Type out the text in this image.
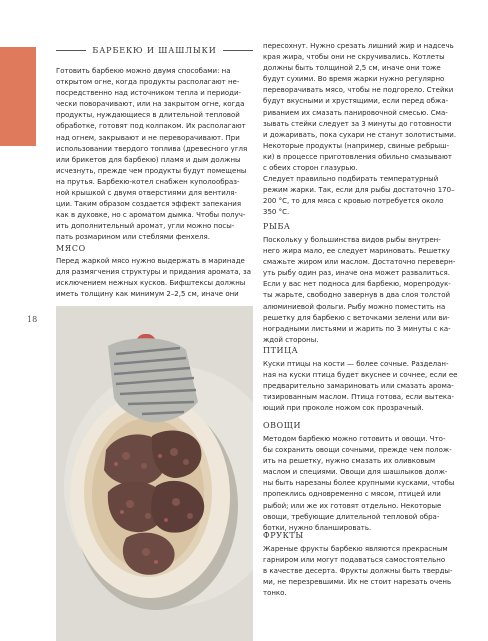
18
БАРБЕКЮ И ШАШЛЫКИ
Готовить барбекю можно двумя способами: на
открытом огне, когда продукты располагают не-
посредственно над источником тепла и периоди-
чески поворачивают, или на закрытом огне, когда
продукты, нуждающиеся в длительной тепловой
обработке, готовят под колпаком. Их располагают
над огнем, закрывают и не переворачивают. При
использовании твердого топлива (древесного угля
или брикетов для барбекю) пламя и дым должны
исчезнуть, прежде чем продукты будут помещены
на прутья. Барбекю-котел снабжен куполообраз-
ной крышкой с двумя отверстиями для вентиля-
ции. Таким образом создается эффект запекания
как в духовке, но с ароматом дымка. Чтобы получ-
ить дополнительный аромат, угли можно посы-
пать розмарином или стеблями фенхеля.
МЯСО
Перед жаркой мясо нужно выдержать в маринаде
для размягчения структуры и придания аромата, за
исключением нежных кусков. Бифштексы должны
иметь толщину как минимум 2–2,5 см, иначе они
пересохнут. Нужно срезать лишний жир и надсечь
края жира, чтобы они не скручивались. Котлеты
должны быть толщиной 2,5 см, иначе они тоже
будут сухими. Во время жарки нужно регулярно
переворачивать мясо, чтобы не подгорело. Стейки
будут вкусными и хрустящими, если перед обжа-
риванием их смазать панировочной смесью. Сма-
зывать стейки следует за 3 минуты до готовности
и дожаривать, пока сухари не станут золотистыми.
Некоторые продукты (например, свиные ребрыш-
ки) в процессе приготовления обильно смазывают
с обеих сторон глазурью.
Следует правильно подбирать температурный
режим жарки. Так, если для рыбы достаточно 170–
200 °C, то для мяса с кровью потребуется около
350 °C.
РЫБА
Поскольку у большинства видов рыбы внутрен-
него жира мало, ее следует мариновать. Решетку
смажьте жиром или маслом. Достаточно переверн-
уть рыбу один раз, иначе она может развалиться.
Если у вас нет подноса для барбекю, морепродук-
ты жарьте, свободно завернув в два слоя толстой
алюминиевой фольги. Рыбу можно поместить на
решетку для барбекю с веточками зелени или ви-
ноградными листьями и жарить по 3 минуты с ка-
ждой стороны.
ПТИЦА
Куски птицы на кости — более сочные. Разделан-
ная на куски птица будет вкуснее и сочнее, если ее
предварительно замариновать или смазать арома-
тизированным маслом. Птица готова, если вытека-
ющий при проколе ножом сок прозрачный.
ОВОЩИ
Методом барбекю можно готовить и овощи. Что-
бы сохранить овощи сочными, прежде чем полож-
ить на решетку, нужно смазать их оливковым
маслом и специями. Овощи для шашлыков долж-
ны быть нарезаны более крупными кусками, чтобы
пропеклись одновременно с мясом, птицей или
рыбой; или же их готовят отдельно. Некоторые
овощи, требующие длительной тепловой обра-
ботки, нужно бланшировать.
ФРУКТЫ
Жареные фрукты барбекю являются прекрасным
гарниром или могут подаваться самостоятельно
в качестве десерта. Фрукты должны быть тверды-
ми, не перезревшими. Их не стоит нарезать очень
тонко.
